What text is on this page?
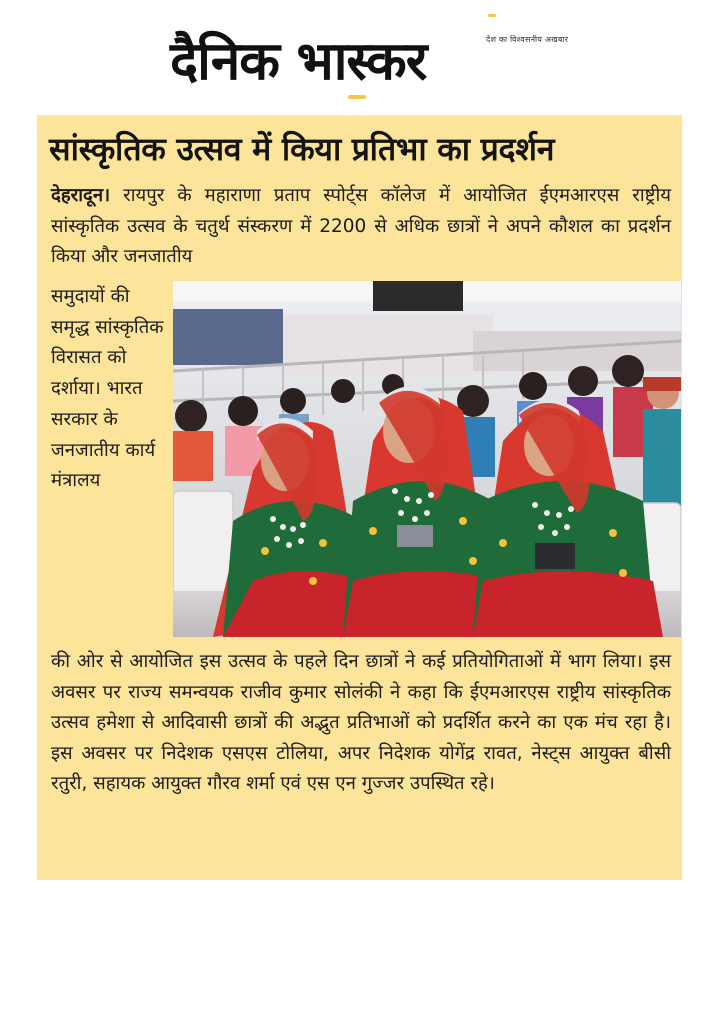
दैनिक भास्कर	देश का विश्वसनीय अखबार
सांस्कृतिक उत्सव में किया प्रतिभा का प्रदर्शन

देहरादून। रायपुर के महाराणा प्रताप स्पोर्ट्स कॉलेज में आयोजित ईएमआरएस राष्ट्रीय सांस्कृतिक उत्सव के चतुर्थ संस्करण में 2200 से अधिक छात्रों ने अपने कौशल का प्रदर्शन किया और जनजातीय

समुदायों की समृद्ध सांस्कृतिक विरासत को दर्शाया। भारत सरकार के जनजातीय कार्य मंत्रालय

की ओर से आयोजित इस उत्सव के पहले दिन छात्रों ने कई प्रतियोगिताओं में भाग लिया। इस अवसर पर राज्य समन्वयक राजीव कुमार सोलंकी ने कहा कि ईएमआरएस राष्ट्रीय सांस्कृतिक उत्सव हमेशा से आदिवासी छात्रों की अद्भुत प्रतिभाओं को प्रदर्शित करने का एक मंच रहा है। इस अवसर पर निदेशक एसएस टोलिया, अपर निदेशक योगेंद्र रावत, नेस्ट्स आयुक्त बीसी रतुरी, सहायक आयुक्त गौरव शर्मा एवं एस एन गुज्जर उपस्थित रहे।
